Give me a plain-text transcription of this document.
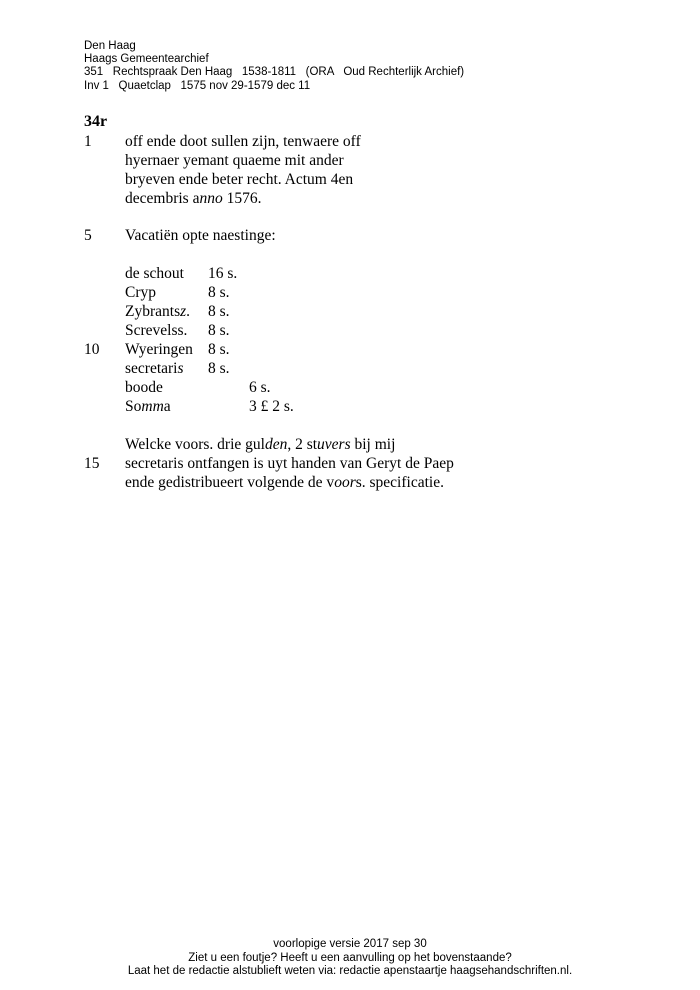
Den Haag
Haags Gemeentearchief
351   Rechtspraak Den Haag   1538-1811   (ORA   Oud Rechterlijk Archief)
Inv 1   Quaetclap   1575 nov 29-1579 dec 11
34r
1
5
10
15
off ende doot sullen zijn, tenwaere off
hyernaer yemant quaeme mit ander
bryeven ende beter recht. Actum 4en
decembris anno 1576.
Vacatiën opte naestinge:
de schout 16 s.
Cryp	8 s.
Zybrantsz. 8 s.
Screvelss. 8 s.
Wyeringen 8 s.
secretaris 8 s.
boode	6 s.
Somma	3 £ 2 s.
Welcke voors. drie gulden, 2 stuvers bij mij
secretaris ontfangen is uyt handen van Geryt de Paep
ende gedistribueert volgende de voors. specificatie.
voorlopige versie 2017 sep 30
Ziet u een foutje? Heeft u een aanvulling op het bovenstaande?
Laat het de redactie alstublieft weten via: redactie apenstaartje haagsehandschriften.nl.
